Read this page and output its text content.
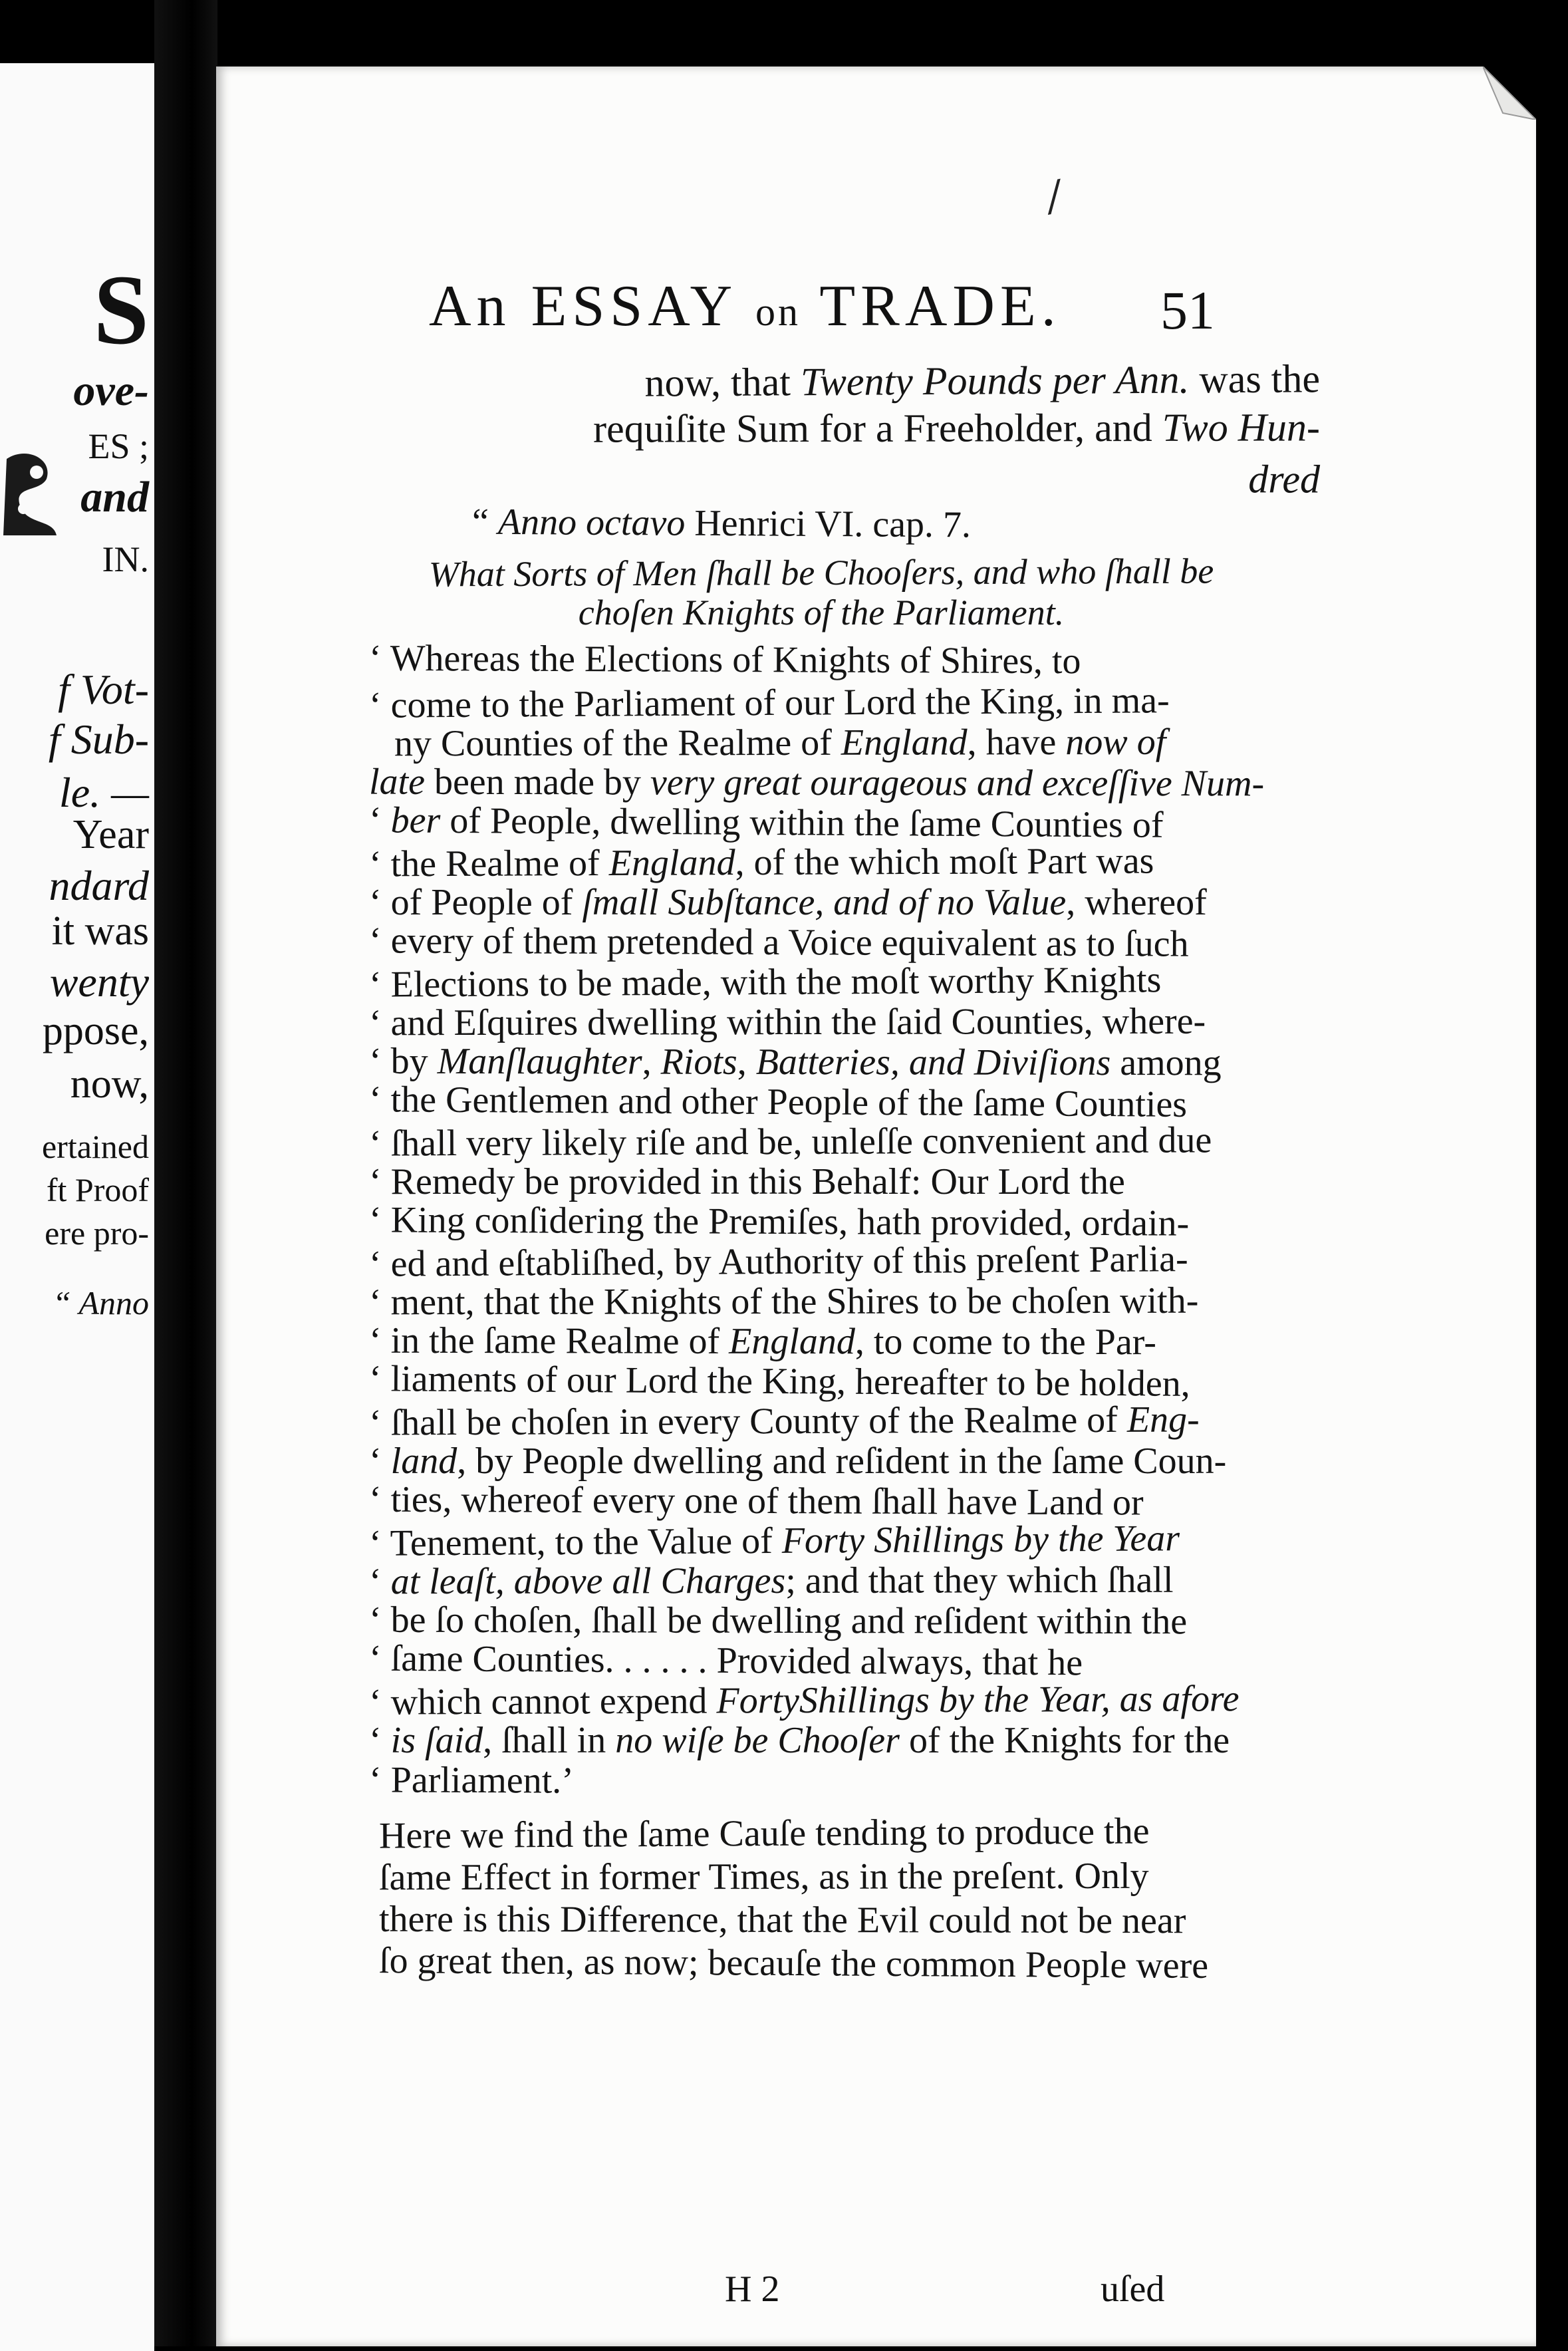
S
ove-
ES ;
and
IN.
f Vot-
f Sub-
le. —
Year
ndard
it was
wenty
ppose,
now,
ertained
ft Proof
ere pro-
“ Anno
/
An ESSAY on TRADE.	51
now, that Twenty Pounds per Ann. was the
requiſite Sum for a Freeholder, and Two Hun-
dred
“ Anno octavo Henrici VI. cap. 7.
What Sorts of Men ſhall be Chooſers, and who ſhall be
choſen Knights of the Parliament.
‘ Whereas the Elections of Knights of Shires, to
‘ come to the Parliament of our Lord the King, in ma-
ny Counties of the Realme of England, have now of
late been made by very great ourageous and exceſſive Num-
‘ ber of People, dwelling within the ſame Counties of
‘ the Realme of England, of the which moſt Part was
‘ of People of ſmall Subſtance, and of no Value, whereof
‘ every of them pretended a Voice equivalent as to ſuch
‘ Elections to be made, with the moſt worthy Knights
‘ and Eſquires dwelling within the ſaid Counties, where-
‘ by Manſlaughter, Riots, Batteries, and Diviſions among
‘ the Gentlemen and other People of the ſame Counties
‘ ſhall very likely riſe and be, unleſſe convenient and due
‘ Remedy be provided in this Behalf: Our Lord the
‘ King conſidering the Premiſes, hath provided, ordain-
‘ ed and eſtabliſhed, by Authority of this preſent Parlia-
‘ ment, that the Knights of the Shires to be choſen with-
‘ in the ſame Realme of England, to come to the Par-
‘ liaments of our Lord the King, hereafter to be holden,
‘ ſhall be choſen in every County of the Realme of Eng-
‘ land, by People dwelling and reſident in the ſame Coun-
‘ ties, whereof every one of them ſhall have Land or
‘ Tenement, to the Value of Forty Shillings by the Year
‘ at leaſt, above all Charges; and that they which ſhall
‘ be ſo choſen, ſhall be dwelling and reſident within the
‘ ſame Counties. . . . . . Provided always, that he
‘ which cannot expend FortyShillings by the Year, as afore
‘ is ſaid, ſhall in no wiſe be Chooſer of the Knights for the
‘ Parliament.’
Here we find the ſame Cauſe tending to produce the
ſame Effect in former Times, as in the preſent. Only
there is this Difference, that the Evil could not be near
ſo great then, as now; becauſe the common People were
H 2	uſed
